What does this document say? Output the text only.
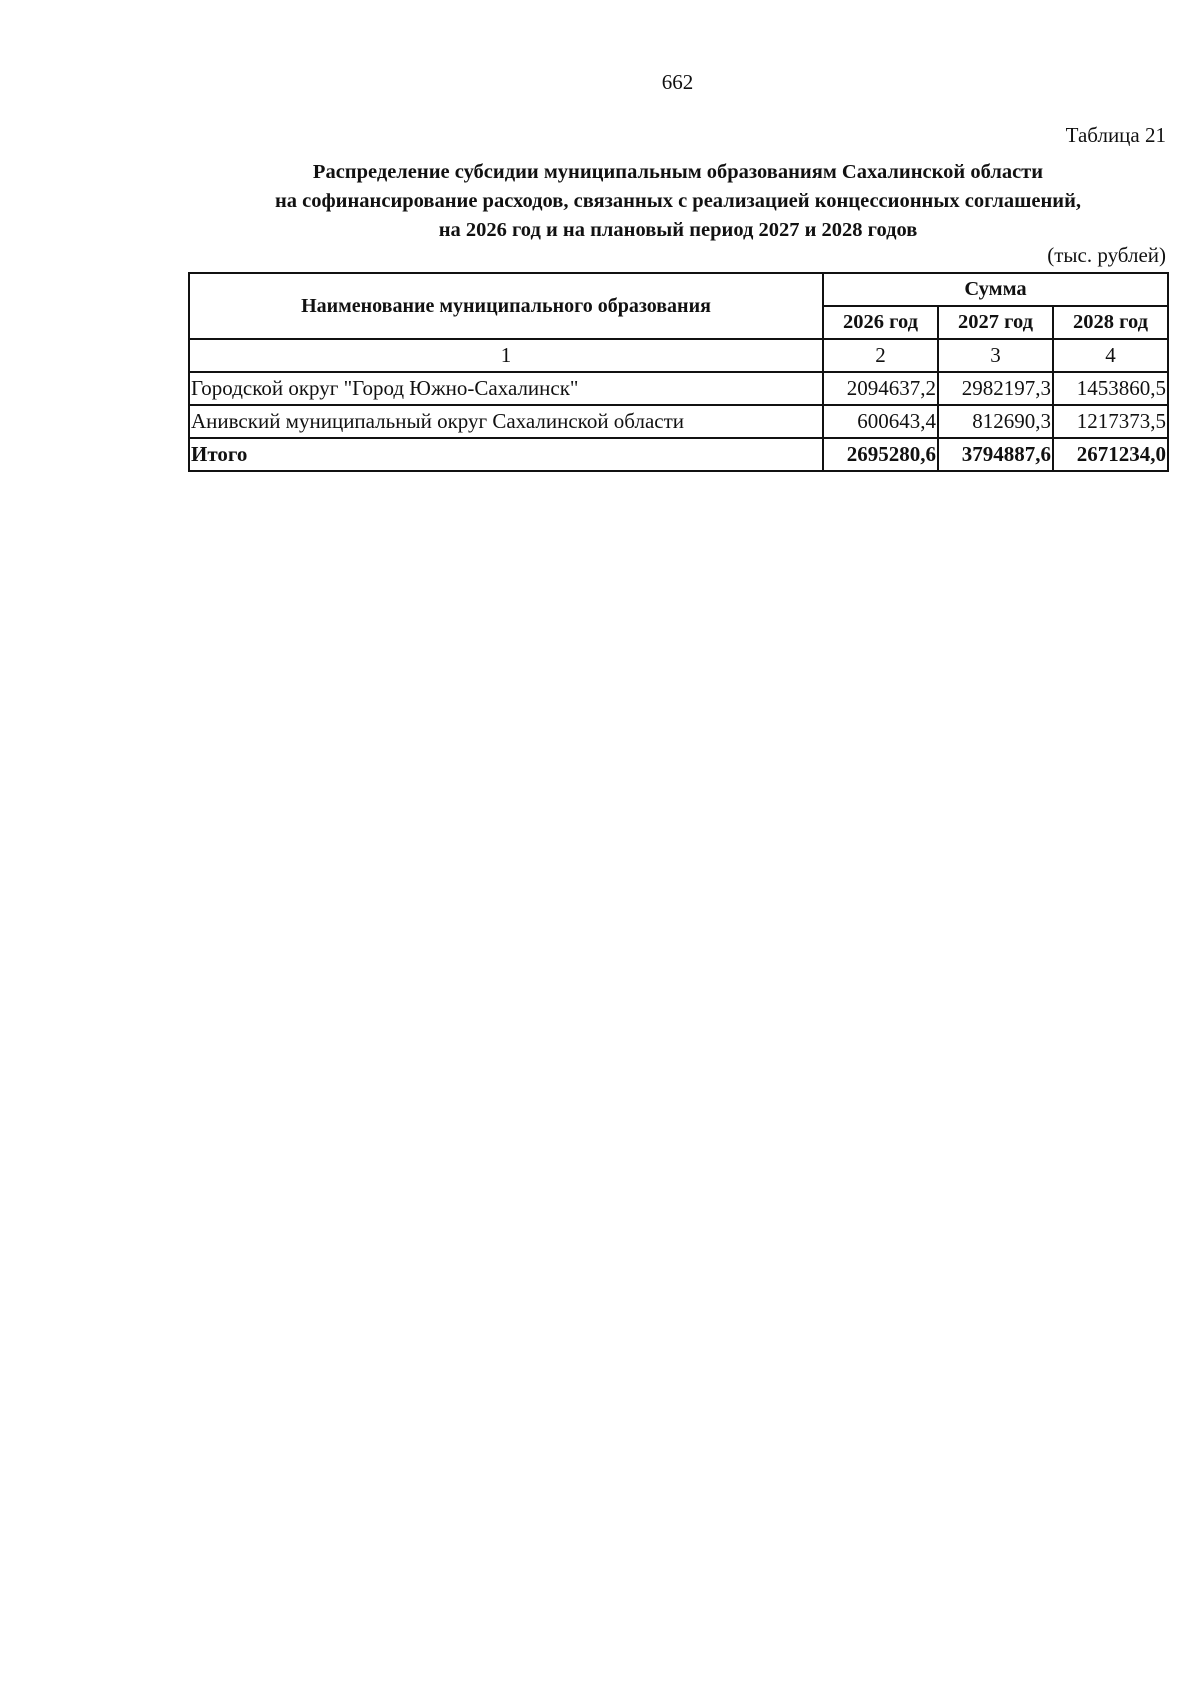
662
Таблица 21
Распределение субсидии муниципальным образованиям Сахалинской области
на софинансирование расходов, связанных с реализацией концессионных соглашений,
на 2026 год и на плановый период 2027 и 2028 годов
(тыс. рублей)
Наименование муниципального образования	Сумма		
	2026 год	2027 год	2028 год
1	2	3	4
Городской округ "Город Южно-Сахалинск"	2094637,2	2982197,3	1453860,5
Анивский муниципальный округ Сахалинской области	600643,4	812690,3	1217373,5
Итого	2695280,6	3794887,6	2671234,0
